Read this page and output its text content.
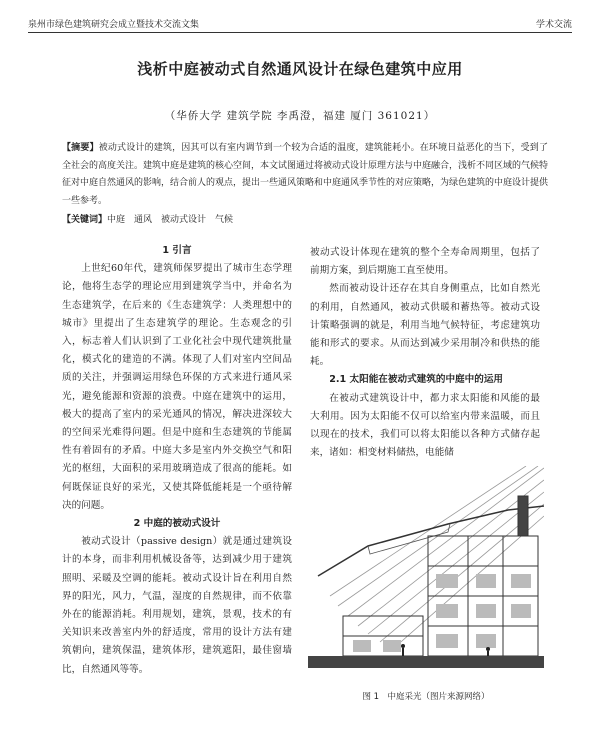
泉州市绿色建筑研究会成立暨技术交流文集	学术交流
浅析中庭被动式自然通风设计在绿色建筑中应用
（华侨大学 建筑学院 李禹澄，福建 厦门 361021）
【摘要】被动式设计的建筑，因其可以有室内调节到一个较为合适的温度，建筑能耗小。在环境日益恶化的当下，受到了全社会的高度关注。建筑中庭是建筑的核心空间，本文试图通过将被动式设计原理方法与中庭融合，浅析不同区域的气候特征对中庭自然通风的影响，结合前人的观点，提出一些通风策略和中庭通风季节性的对应策略，为绿色建筑的中庭设计提供一些参考。
【关键词】中庭　通风　被动式设计　气候
1 引言

上世纪60年代，建筑师保罗提出了城市生态学理论，他将生态学的理论应用到建筑学当中，并命名为生态建筑学，在后来的《生态建筑学：人类理想中的城市》里提出了生态建筑学的理论。生态观念的引入，标志着人们认识到了工业化社会中现代建筑批量化，模式化的建造的不满。体现了人们对室内空间品质的关注，并强调运用绿色环保的方式来进行通风采光，避免能源和资源的浪费。中庭在建筑中的运用，极大的提高了室内的采光通风的情况，解决进深较大的空间采光难得问题。但是中庭和生态建筑的节能属性有着固有的矛盾。中庭大多是室内外交换空气和阳光的枢纽，大面积的采用玻璃造成了很高的能耗。如何既保证良好的采光，又使其降低能耗是一个亟待解决的问题。

2 中庭的被动式设计

被动式设计（passive design）就是通过建筑设计的本身，而非利用机械设备等，达到减少用于建筑照明、采暖及空调的能耗。被动式设计旨在利用自然界的阳光，风力，气温，湿度的自然规律，而不依靠外在的能源消耗。利用规划，建筑，景观，技术的有关知识来改善室内外的舒适度，常用的设计方法有建筑朝向，建筑保温，建筑体形，建筑遮阳，最佳窗墙比，自然通风等等。

被动式设计体现在建筑的整个全寿命周期里，包括了前期方案，到后期施工直至使用。

然而被动设计还存在其自身侧重点，比如自然光的利用，自然通风，被动式供暖和蓄热等。被动式设计策略强调的就是，利用当地气候特征，考虑建筑功能和形式的要求。从而达到减少采用制冷和供热的能耗。

2.1 太阳能在被动式建筑的中庭中的运用

在被动式建筑设计中，都力求太阳能和风能的最大利用。因为太阳能不仅可以给室内带来温暖，而且以现在的技术，我们可以将太阳能以各种方式储存起来，诸如：相变材料储热，电能储

图 1　中庭采光（图片来源网络）
